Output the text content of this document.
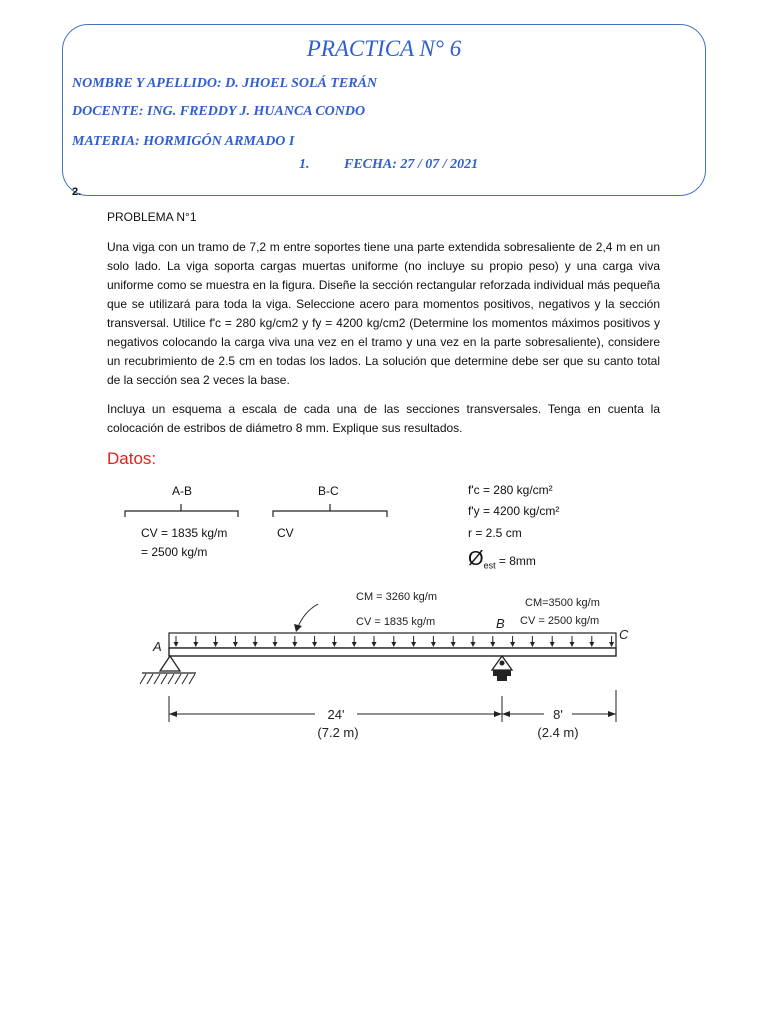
PRACTICA N° 6
NOMBRE Y APELLIDO: D. JHOEL SOLÁ TERÁN
DOCENTE: ING. FREDDY J. HUANCA CONDO
MATERIA: HORMIGÓN ARMADO I
1. FECHA: 27 / 07 / 2021
2.
PROBLEMA N°1

Una viga con un tramo de 7,2 m entre soportes tiene una parte extendida sobresaliente de 2,4 m en un solo lado. La viga soporta cargas muertas uniforme (no incluye su propio peso) y una carga viva uniforme como se muestra en la figura. Diseñe la sección rectangular reforzada individual más pequeña que se utilizará para toda la viga. Seleccione acero para momentos positivos, negativos y la sección transversal. Utilice f'c = 280 kg/cm2 y fy = 4200 kg/cm2 (Determine los momentos máximos positivos y negativos colocando la carga viva una vez en el tramo y una vez en la parte sobresaliente), considere un recubrimiento de 2.5 cm en todas los lados. La solución que determine debe ser que su canto total de la sección sea 2 veces la base.

Incluya un esquema a escala de cada una de las secciones transversales. Tenga en cuenta la colocación de estribos de diámetro 8 mm. Explique sus resultados.

Datos:
A-B	B-C
CV = 1835 kg/m
= 2500 kg/m
CV
f'c = 280 kg/cm²
f'y = 4200 kg/cm²
r = 2.5 cm
$Ø_{est} = 8mm$
CM = 3260 kg/m
CV = 1835 kg/m
CM=3500 kg/m
CV = 2500 kg/m
A
B
C
24'
(7.2 m)
8'
(2.4 m)
